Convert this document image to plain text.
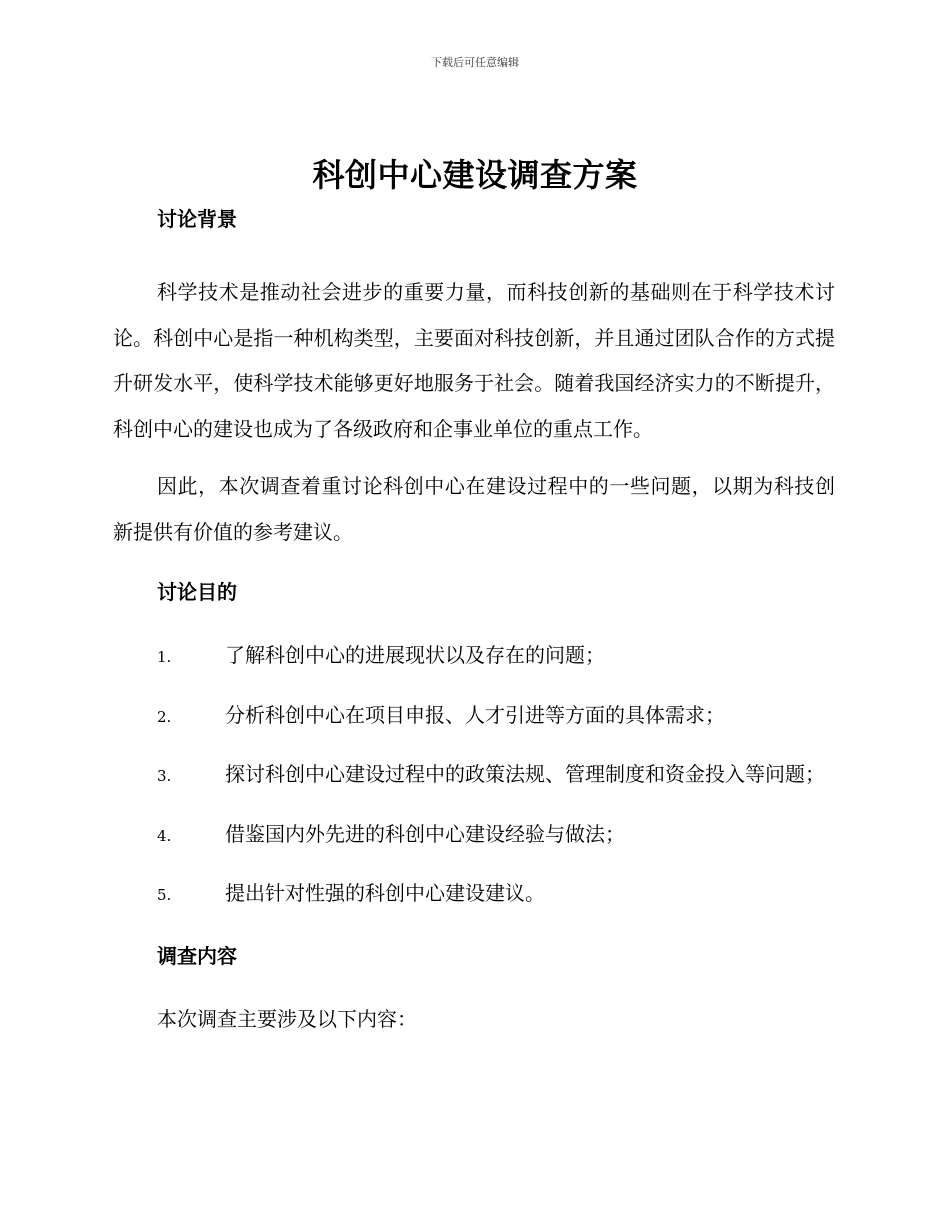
下载后可任意编辑
科创中心建设调查方案
讨论背景

科学技术是推动社会进步的重要力量，而科技创新的基础则在于科学技术讨论。科创中心是指一种机构类型，主要面对科技创新，并且通过团队合作的方式提升研发水平，使科学技术能够更好地服务于社会。随着我国经济实力的不断提升，科创中心的建设也成为了各级政府和企事业单位的重点工作。

因此，本次调查着重讨论科创中心在建设过程中的一些问题，以期为科技创新提供有价值的参考建议。

讨论目的

1.	了解科创中心的进展现状以及存在的问题；

2.	分析科创中心在项目申报、人才引进等方面的具体需求；

3.	探讨科创中心建设过程中的政策法规、管理制度和资金投入等问题；

4.	借鉴国内外先进的科创中心建设经验与做法；

5.	提出针对性强的科创中心建设建议。

调查内容

本次调查主要涉及以下内容：
